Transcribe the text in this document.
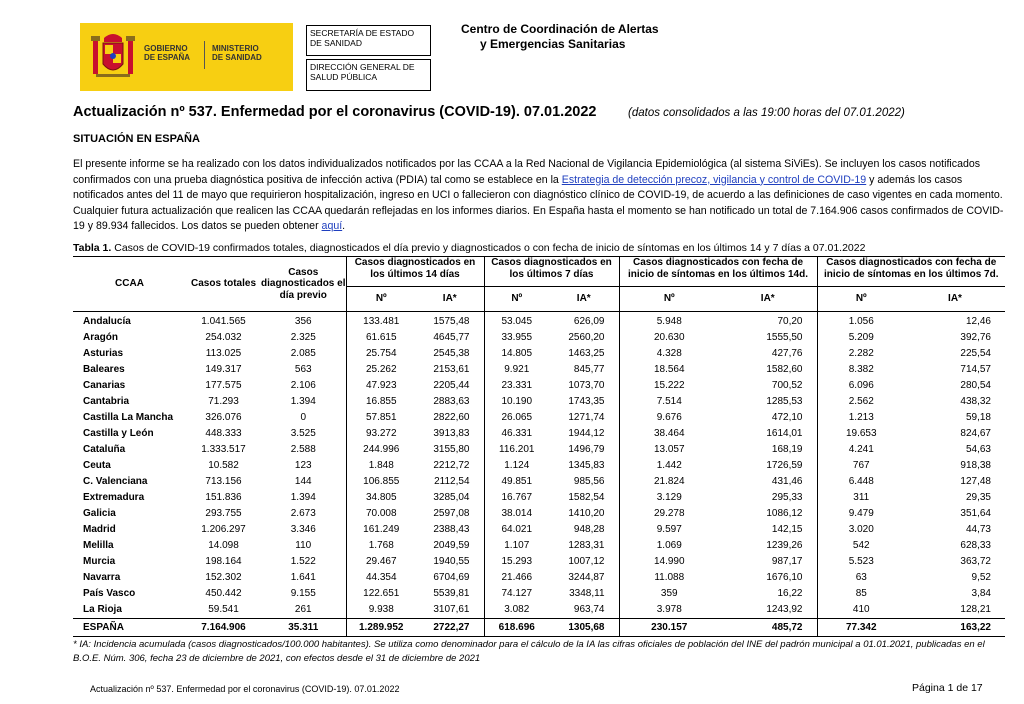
GOBIERNO
DE ESPAÑA
MINISTERIO
DE SANIDAD
SECRETARÍA DE ESTADO
DE SANIDAD
DIRECCIÓN GENERAL DE
SALUD PÚBLICA
Centro de Coordinación de Alertas
y Emergencias Sanitarias
Actualización nº 537. Enfermedad por el coronavirus (COVID-19). 07.01.2022	(datos consolidados a las 19:00 horas del 07.01.2022)
SITUACIÓN EN ESPAÑA
El presente informe se ha realizado con los datos individualizados notificados por las CCAA a la Red Nacional de Vigilancia Epidemiológica (al sistema SiViEs). Se incluyen los casos notificados confirmados con una prueba diagnóstica positiva de infección activa (PDIA) tal como se establece en la Estrategia de detección precoz, vigilancia y control de COVID-19 y además los casos notificados antes del 11 de mayo que requirieron hospitalización, ingreso en UCI o fallecieron con diagnóstico clínico de COVID-19, de acuerdo a las definiciones de caso vigentes en cada momento. Cualquier futura actualización que realicen las CCAA quedarán reflejadas en los informes diarios. En España hasta el momento se han notificado un total de 7.164.906 casos confirmados de COVID-19 y 89.934 fallecidos. Los datos se pueden obtener aquí.
Tabla 1. Casos de COVID-19 confirmados totales, diagnosticados el día previo y diagnosticados o con fecha de inicio de síntomas en los últimos 14 y 7 días a 07.01.2022
CCAA	Casos totales	Casos diagnosticados el día previo	Casos diagnosticados en los últimos 14 días		Casos diagnosticados en los últimos 7 días		Casos diagnosticados con fecha de inicio de síntomas en los últimos 14d.		Casos diagnosticados con fecha de inicio de síntomas en los últimos 7d.	
			Nº	IA*	Nº	IA*	Nº	IA*	Nº	IA*
Andalucía	1.041.565	356	133.481	1575,48	53.045	626,09	5.948	70,20	1.056	12,46
Aragón	254.032	2.325	61.615	4645,77	33.955	2560,20	20.630	1555,50	5.209	392,76
Asturias	113.025	2.085	25.754	2545,38	14.805	1463,25	4.328	427,76	2.282	225,54
Baleares	149.317	563	25.262	2153,61	9.921	845,77	18.564	1582,60	8.382	714,57
Canarias	177.575	2.106	47.923	2205,44	23.331	1073,70	15.222	700,52	6.096	280,54
Cantabria	71.293	1.394	16.855	2883,63	10.190	1743,35	7.514	1285,53	2.562	438,32
Castilla La Mancha	326.076	0	57.851	2822,60	26.065	1271,74	9.676	472,10	1.213	59,18
Castilla y León	448.333	3.525	93.272	3913,83	46.331	1944,12	38.464	1614,01	19.653	824,67
Cataluña	1.333.517	2.588	244.996	3155,80	116.201	1496,79	13.057	168,19	4.241	54,63
Ceuta	10.582	123	1.848	2212,72	1.124	1345,83	1.442	1726,59	767	918,38
C. Valenciana	713.156	144	106.855	2112,54	49.851	985,56	21.824	431,46	6.448	127,48
Extremadura	151.836	1.394	34.805	3285,04	16.767	1582,54	3.129	295,33	311	29,35
Galicia	293.755	2.673	70.008	2597,08	38.014	1410,20	29.278	1086,12	9.479	351,64
Madrid	1.206.297	3.346	161.249	2388,43	64.021	948,28	9.597	142,15	3.020	44,73
Melilla	14.098	110	1.768	2049,59	1.107	1283,31	1.069	1239,26	542	628,33
Murcia	198.164	1.522	29.467	1940,55	15.293	1007,12	14.990	987,17	5.523	363,72
Navarra	152.302	1.641	44.354	6704,69	21.466	3244,87	11.088	1676,10	63	9,52
País Vasco	450.442	9.155	122.651	5539,81	74.127	3348,11	359	16,22	85	3,84
La Rioja	59.541	261	9.938	3107,61	3.082	963,74	3.978	1243,92	410	128,21
ESPAÑA	7.164.906	35.311	1.289.952	2722,27	618.696	1305,68	230.157	485,72	77.342	163,22
* IA: Incidencia acumulada (casos diagnosticados/100.000 habitantes). Se utiliza como denominador para el cálculo de la IA las cifras oficiales de población del INE del padrón municipal a 01.01.2021, publicadas en el B.O.E. Núm. 306, fecha 23 de diciembre de 2021, con efectos desde el 31 de diciembre de 2021
Actualización nº 537. Enfermedad por el coronavirus (COVID-19). 07.01.2022	Página 1 de 17
